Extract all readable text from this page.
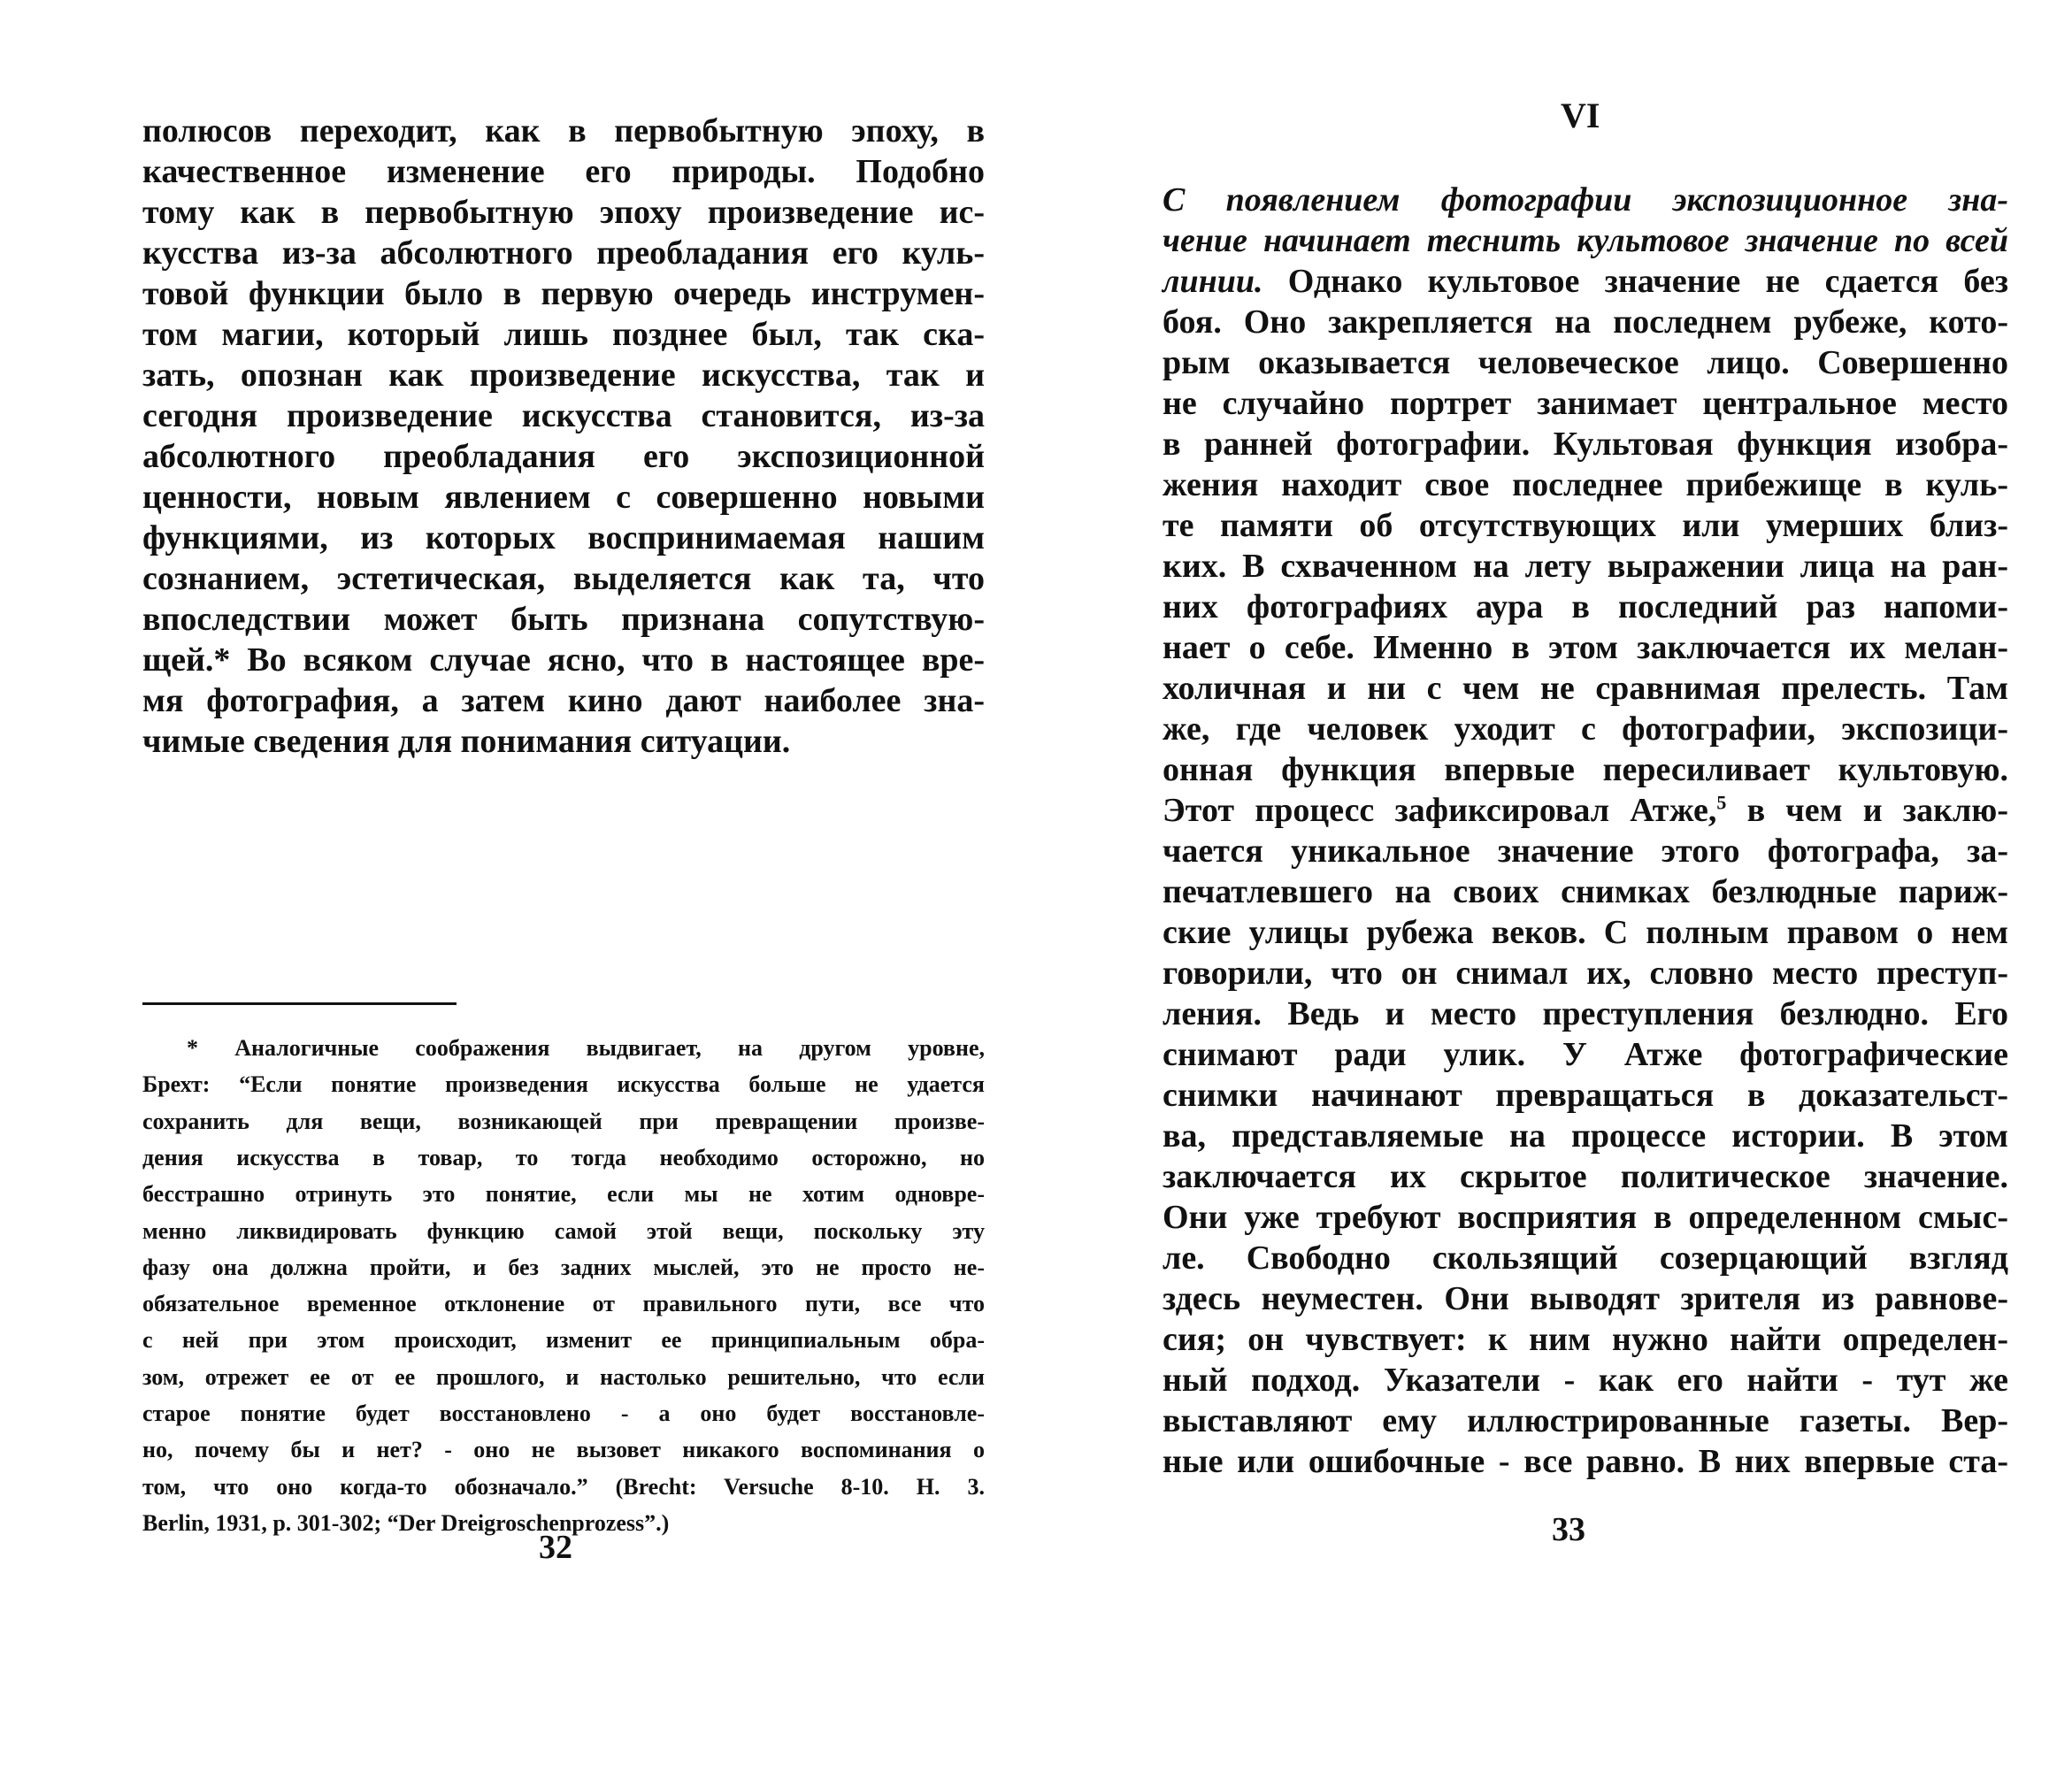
полюсов переходит, как в первобытную эпоху, в
качественное изменение его природы. Подобно
тому как в первобытную эпоху произведение ис-
кусства из-за абсолютного преобладания его куль-
товой функции было в первую очередь инструмен-
том магии, который лишь позднее был, так ска-
зать, опознан как произведение искусства, так и
сегодня произведение искусства становится, из-за
абсолютного преобладания его экспозиционной
ценности, новым явлением с совершенно новыми
функциями, из которых воспринимаемая нашим
сознанием, эстетическая, выделяется как та, что
впоследствии может быть признана сопутствую-
щей.* Во всяком случае ясно, что в настоящее вре-
мя фотография, а затем кино дают наиболее зна-
чимые сведения для понимания ситуации.
* Аналогичные соображения выдвигает, на другом уровне,
Брехт: “Если понятие произведения искусства больше не удается
сохранить для вещи, возникающей при превращении произве-
дения искусства в товар, то тогда необходимо осторожно, но
бесстрашно отринуть это понятие, если мы не хотим одновре-
менно ликвидировать функцию самой этой вещи, поскольку эту
фазу она должна пройти, и без задних мыслей, это не просто не-
обязательное временное отклонение от правильного пути, все что
с ней при этом происходит, изменит ее принципиальным обра-
зом, отрежет ее от ее прошлого, и настолько решительно, что если
старое понятие будет восстановлено - а оно будет восстановле-
но, почему бы и нет? - оно не вызовет никакого воспоминания о
том, что оно когда-то обозначало.” (Brecht: Versuche 8-10. H. 3.
Berlin, 1931, p. 301-302; “Der Dreigroschenprozess”.)
32
VI
С появлением фотографии экспозиционное зна-
чение начинает теснить культовое значение по всей
линии. Однако культовое значение не сдается без
боя. Оно закрепляется на последнем рубеже, кото-
рым оказывается человеческое лицо. Совершенно
не случайно портрет занимает центральное место
в ранней фотографии. Культовая функция изобра-
жения находит свое последнее прибежище в куль-
те памяти об отсутствующих или умерших близ-
ких. В схваченном на лету выражении лица на ран-
них фотографиях аура в последний раз напоми-
нает о себе. Именно в этом заключается их мелан-
холичная и ни с чем не сравнимая прелесть. Там
же, где человек уходит с фотографии, экспозици-
онная функция впервые пересиливает культовую.
Этот процесс зафиксировал Атже,$^5$ в чем и заклю-
чается уникальное значение этого фотографа, за-
печатлевшего на своих снимках безлюдные париж-
ские улицы рубежа веков. С полным правом о нем
говорили, что он снимал их, словно место преступ-
ления. Ведь и место преступления безлюдно. Его
снимают ради улик. У Атже фотографические
снимки начинают превращаться в доказательст-
ва, представляемые на процессе истории. В этом
заключается их скрытое политическое значение.
Они уже требуют восприятия в определенном смыс-
ле. Свободно скользящий созерцающий взгляд
здесь неуместен. Они выводят зрителя из равнове-
сия; он чувствует: к ним нужно найти определен-
ный подход. Указатели - как его найти - тут же
выставляют ему иллюстрированные газеты. Вер-
ные или ошибочные - все равно. В них впервые ста-
33
